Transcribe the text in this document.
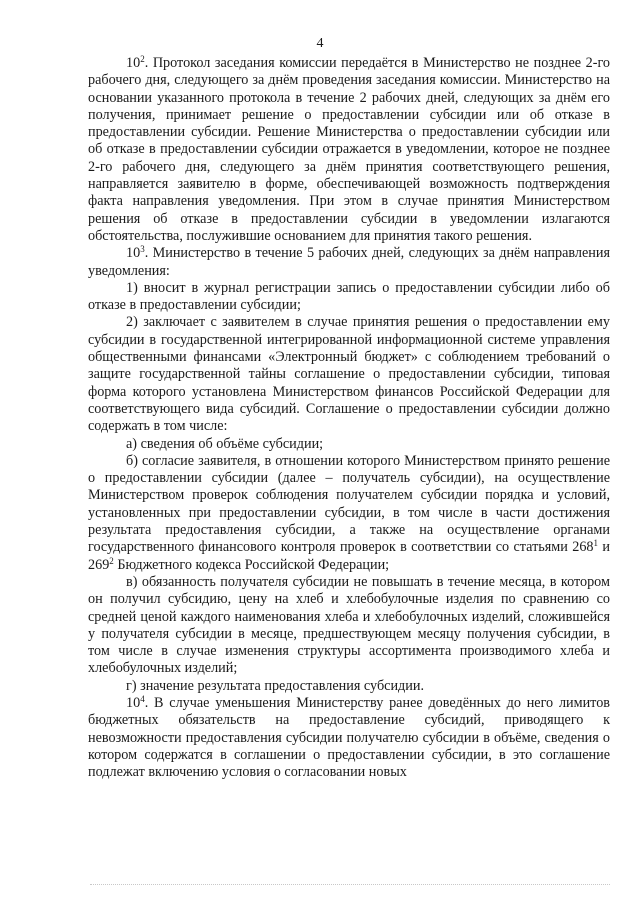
4

$10^2$. Протокол заседания комиссии передаётся в Министерство не позднее 2-го рабочего дня, следующего за днём проведения заседания комиссии. Министерство на основании указанного протокола в течение 2 рабочих дней, следующих за днём его получения, принимает решение о предоставлении субсидии или об отказе в предоставлении субсидии. Решение Министерства о предоставлении субсидии или об отказе в предоставлении субсидии отражается в уведомлении, которое не позднее 2-го рабочего дня, следующего за днём принятия соответствующего решения, направляется заявителю в форме, обеспечивающей возможность подтверждения факта направления уведомления. При этом в случае принятия Министерством решения об отказе в предоставлении субсидии в уведомлении излагаются обстоятельства, послужившие основанием для принятия такого решения.

$10^3$. Министерство в течение 5 рабочих дней, следующих за днём направления уведомления:

1) вносит в журнал регистрации запись о предоставлении субсидии либо об отказе в предоставлении субсидии;

2) заключает с заявителем в случае принятия решения о предоставлении ему субсидии в государственной интегрированной информационной системе управления общественными финансами «Электронный бюджет» с соблюдением требований о защите государственной тайны соглашение о предоставлении субсидии, типовая форма которого установлена Министерством финансов Российской Федерации для соответствующего вида субсидий. Соглашение о предоставлении субсидии должно содержать в том числе:

а) сведения об объёме субсидии;

б) согласие заявителя, в отношении которого Министерством принято решение о предоставлении субсидии (далее – получатель субсидии), на осуществление Министерством проверок соблюдения получателем субсидии порядка и условий, установленных при предоставлении субсидии, в том числе в части достижения результата предоставления субсидии, а также на осуществление органами государственного финансового контроля проверок в соответствии со статьями $268^1$ и $269^2$ Бюджетного кодекса Российской Федерации;

в) обязанность получателя субсидии не повышать в течение месяца, в котором он получил субсидию, цену на хлеб и хлебобулочные изделия по сравнению со средней ценой каждого наименования хлеба и хлебобулочных изделий, сложившейся у получателя субсидии в месяце, предшествующем месяцу получения субсидии, в том числе в случае изменения структуры ассортимента производимого хлеба и хлебобулочных изделий;

г) значение результата предоставления субсидии.

$10^4$. В случае уменьшения Министерству ранее доведённых до него лимитов бюджетных обязательств на предоставление субсидий, приводящего к невозможности предоставления субсидии получателю субсидии в объёме, сведения о котором содержатся в соглашении о предоставлении субсидии, в это соглашение подлежат включению условия о согласовании новых
